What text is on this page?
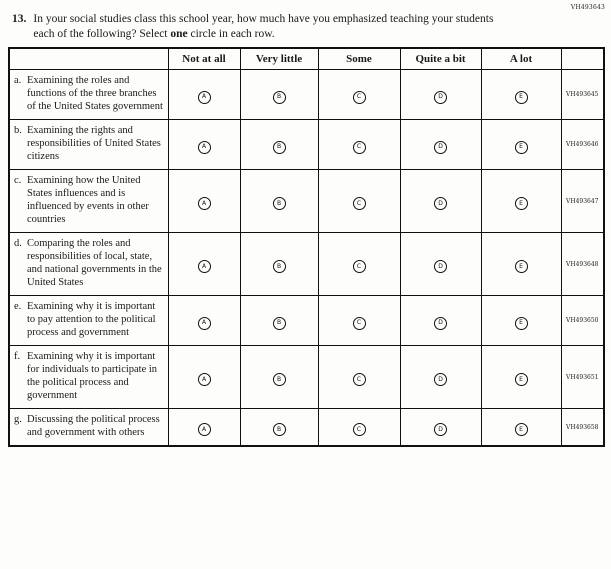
VH493643
13. In your social studies class this school year, how much have you emphasized teaching your students each of the following? Select one circle in each row.
	Not at all	Very little	Some	Quite a bit	A lot	

a. Examining the roles and functions of the three branches of the United States government	A	B	C	D	E	VH493645

b. Examining the rights and responsibilities of United States citizens	A	B	C	D	E	VH493646

c. Examining how the United States influences and is influenced by events in other countries	A	B	C	D	E	VH493647

d. Comparing the roles and responsibilities of local, state, and national governments in the United States	A	B	C	D	E	VH493648

e. Examining why it is important to pay attention to the political process and government	A	B	C	D	E	VH493650

f. Examining why it is important for individuals to participate in the political process and government	A	B	C	D	E	VH493651

g. Discussing the political process and government with others	A	B	C	D	E	VH493658
